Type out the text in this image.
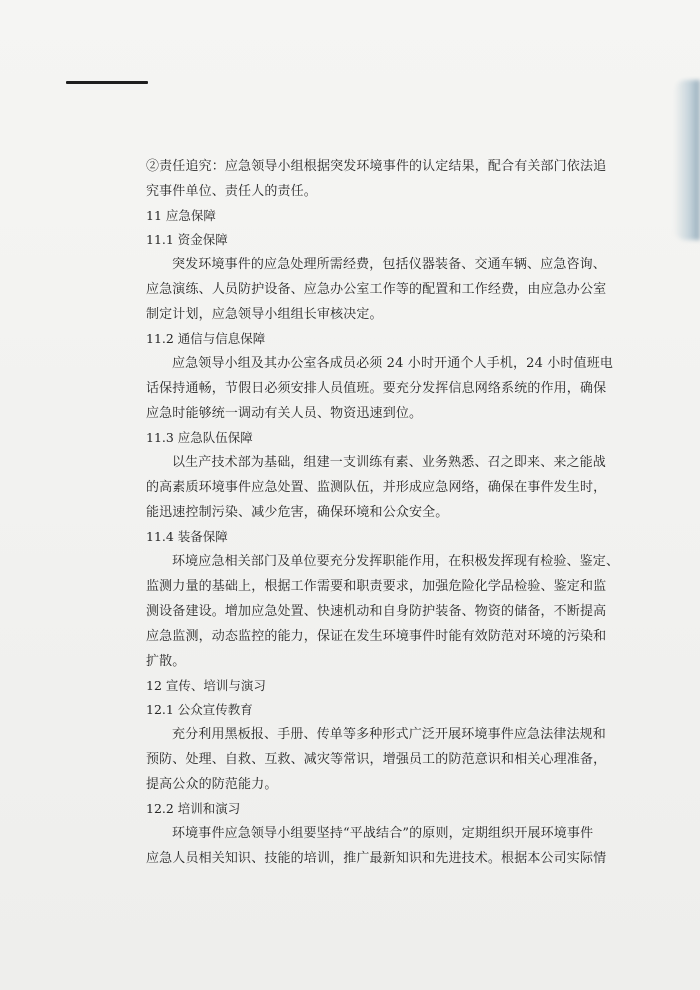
②责任追究：应急领导小组根据突发环境事件的认定结果，配合有关部门依法追
究事件单位、责任人的责任。
11 应急保障
11.1 资金保障
突发环境事件的应急处理所需经费，包括仪器装备、交通车辆、应急咨询、
应急演练、人员防护设备、应急办公室工作等的配置和工作经费，由应急办公室
制定计划，应急领导小组组长审核决定。
11.2 通信与信息保障
应急领导小组及其办公室各成员必须 24 小时开通个人手机，24 小时值班电
话保持通畅，节假日必须安排人员值班。要充分发挥信息网络系统的作用，确保
应急时能够统一调动有关人员、物资迅速到位。
11.3 应急队伍保障
以生产技术部为基础，组建一支训练有素、业务熟悉、召之即来、来之能战
的高素质环境事件应急处置、监测队伍，并形成应急网络，确保在事件发生时，
能迅速控制污染、减少危害，确保环境和公众安全。
11.4 装备保障
环境应急相关部门及单位要充分发挥职能作用，在积极发挥现有检验、鉴定、
监测力量的基础上，根据工作需要和职责要求，加强危险化学品检验、鉴定和监
测设备建设。增加应急处置、快速机动和自身防护装备、物资的储备，不断提高
应急监测，动态监控的能力，保证在发生环境事件时能有效防范对环境的污染和
扩散。
12 宣传、培训与演习
12.1 公众宣传教育
充分利用黑板报、手册、传单等多种形式广泛开展环境事件应急法律法规和
预防、处理、自救、互救、减灾等常识，增强员工的防范意识和相关心理准备，
提高公众的防范能力。
12.2 培训和演习
环境事件应急领导小组要坚持“平战结合”的原则，定期组织开展环境事件
应急人员相关知识、技能的培训，推广最新知识和先进技术。根据本公司实际情
